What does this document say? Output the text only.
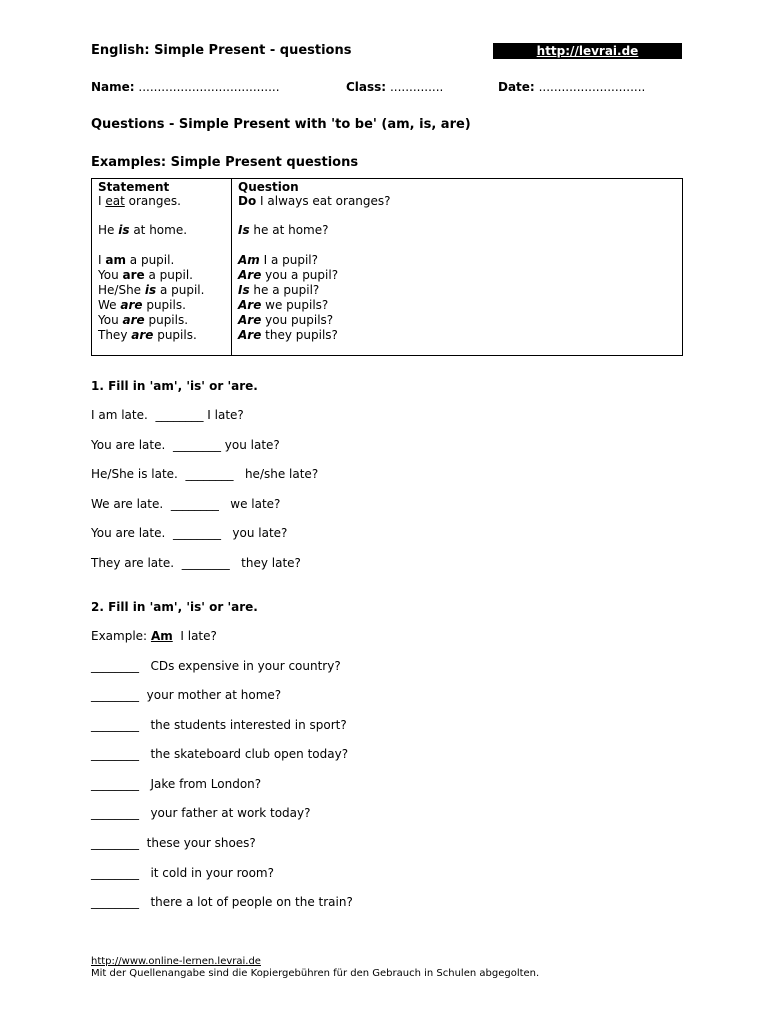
English: Simple Present - questions	http://levrai.de
Name: .....................................	Class: ..............	Date: ............................
Questions - Simple Present with 'to be' (am, is, are)
Examples: Simple Present questions
Statement	Question
I eat oranges.	Do I always eat oranges?
He is at home.	Is he at home?
I am a pupil.	Am I a pupil?
You are a pupil.	Are you a pupil?
He/She is a pupil.	Is he a pupil?
We are pupils.	Are we pupils?
You are pupils.	Are you pupils?
They are pupils.	Are they pupils?
1. Fill in 'am', 'is' or 'are.
I am late. ________ I late?
You are late. ________ you late?
He/She is late. ________ he/she late?
We are late. ________ we late?
You are late. ________ you late?
They are late. ________ they late?
2. Fill in 'am', 'is' or 'are.
Example: Am I late?
________ CDs expensive in your country?
________ your mother at home?
________ the students interested in sport?
________ the skateboard club open today?
________ Jake from London?
________ your father at work today?
________ these your shoes?
________ it cold in your room?
________ there a lot of people on the train?
http://www.online-lernen.levrai.de
Mit der Quellenangabe sind die Kopiergebühren für den Gebrauch in Schulen abgegolten.
